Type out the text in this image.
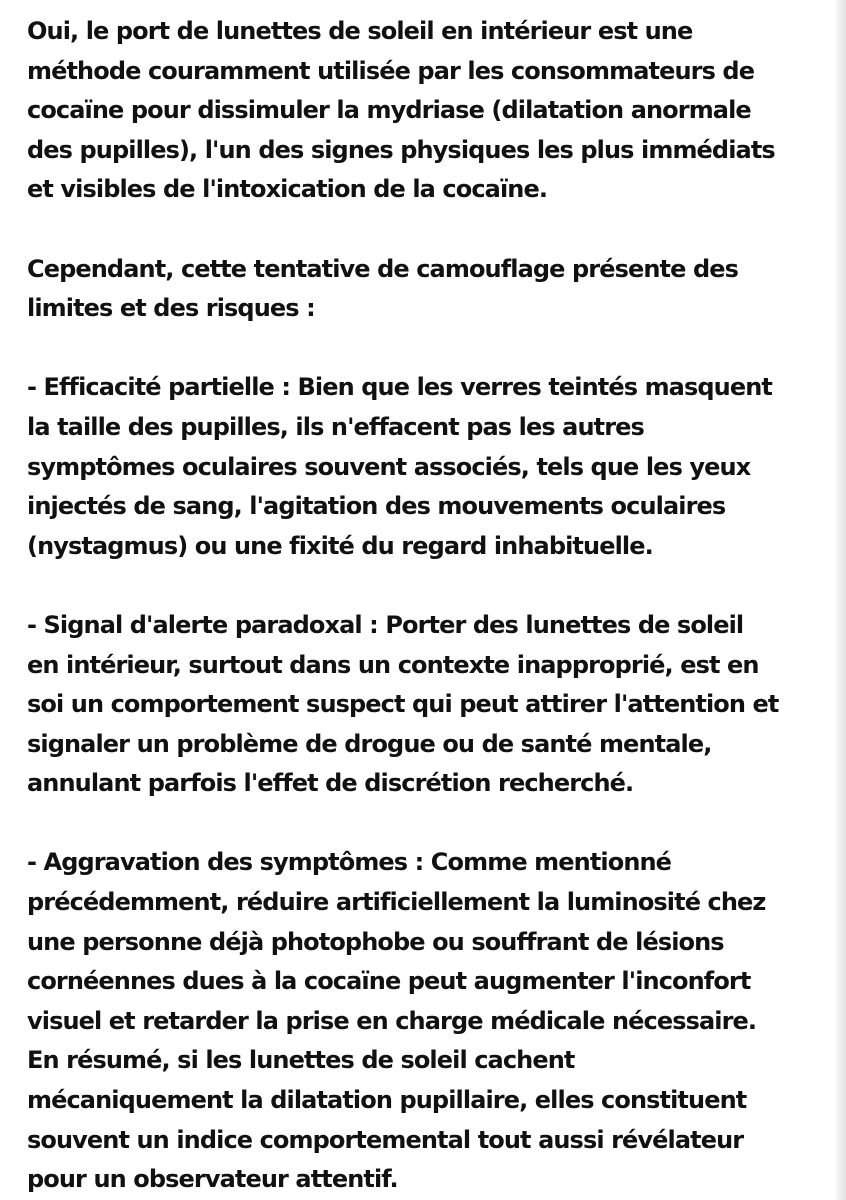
Oui, le port de lunettes de soleil en intérieur est une
méthode couramment utilisée par les consommateurs de
cocaïne pour dissimuler la mydriase (dilatation anormale
des pupilles), l'un des signes physiques les plus immédiats
et visibles de l'intoxication de la cocaïne.

Cependant, cette tentative de camouflage présente des
limites et des risques :

- Efficacité partielle : Bien que les verres teintés masquent
la taille des pupilles, ils n'effacent pas les autres
symptômes oculaires souvent associés, tels que les yeux
injectés de sang, l'agitation des mouvements oculaires
(nystagmus) ou une fixité du regard inhabituelle.

- Signal d'alerte paradoxal : Porter des lunettes de soleil
en intérieur, surtout dans un contexte inapproprié, est en
soi un comportement suspect qui peut attirer l'attention et
signaler un problème de drogue ou de santé mentale,
annulant parfois l'effet de discrétion recherché.

- Aggravation des symptômes : Comme mentionné
précédemment, réduire artificiellement la luminosité chez
une personne déjà photophobe ou souffrant de lésions
cornéennes dues à la cocaïne peut augmenter l'inconfort
visuel et retarder la prise en charge médicale nécessaire.
En résumé, si les lunettes de soleil cachent
mécaniquement la dilatation pupillaire, elles constituent
souvent un indice comportemental tout aussi révélateur
pour un observateur attentif.
